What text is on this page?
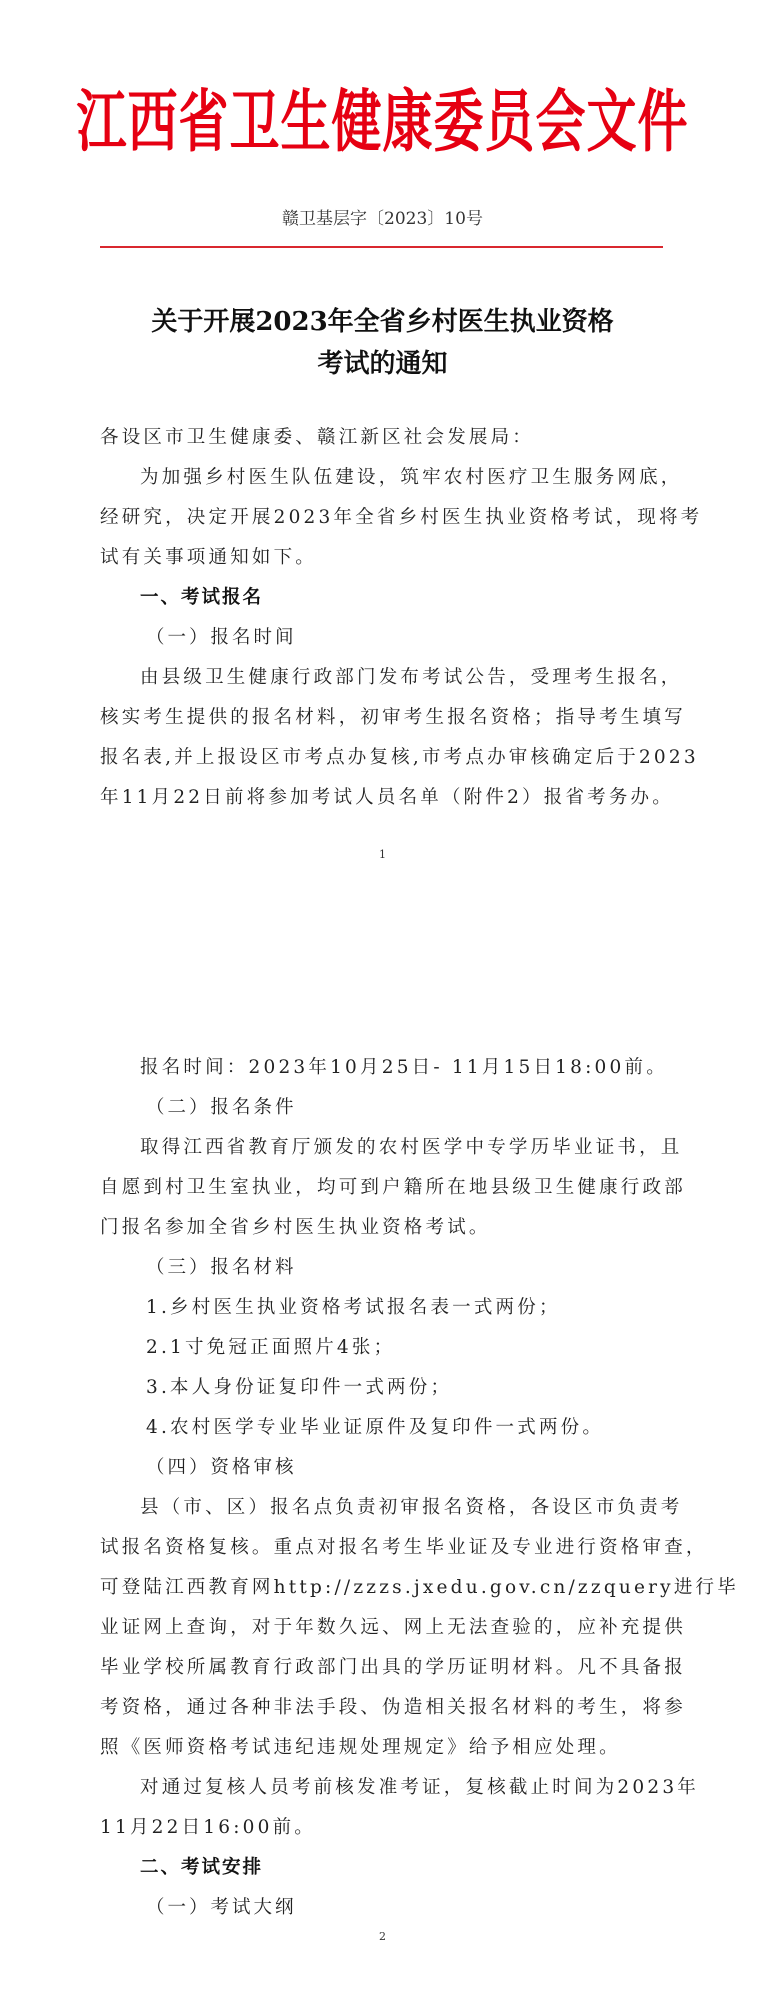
江西省卫生健康委员会文件
赣卫基层字〔2023〕10号
关于开展2023年全省乡村医生执业资格
考试的通知
各设区市卫生健康委、赣江新区社会发展局：
为加强乡村医生队伍建设，筑牢农村医疗卫生服务网底，
经研究，决定开展2023年全省乡村医生执业资格考试，现将考
试有关事项通知如下。
一、考试报名
（一）报名时间
由县级卫生健康行政部门发布考试公告，受理考生报名，
核实考生提供的报名材料，初审考生报名资格；指导考生填写
报名表,并上报设区市考点办复核,市考点办审核确定后于2023
年11月22日前将参加考试人员名单（附件2）报省考务办。
1
报名时间：2023年10月25日- 11月15日18:00前。
（二）报名条件
取得江西省教育厅颁发的农村医学中专学历毕业证书，且
自愿到村卫生室执业，均可到户籍所在地县级卫生健康行政部
门报名参加全省乡村医生执业资格考试。
（三）报名材料
1.乡村医生执业资格考试报名表一式两份；
2.1寸免冠正面照片4张；
3.本人身份证复印件一式两份；
4.农村医学专业毕业证原件及复印件一式两份。
（四）资格审核
县（市、区）报名点负责初审报名资格，各设区市负责考
试报名资格复核。重点对报名考生毕业证及专业进行资格审查，
可登陆江西教育网http://zzzs.jxedu.gov.cn/zzquery进行毕
业证网上查询，对于年数久远、网上无法查验的，应补充提供
毕业学校所属教育行政部门出具的学历证明材料。凡不具备报
考资格，通过各种非法手段、伪造相关报名材料的考生，将参
照《医师资格考试违纪违规处理规定》给予相应处理。
对通过复核人员考前核发准考证，复核截止时间为2023年
11月22日16:00前。
二、考试安排
（一）考试大纲
2
